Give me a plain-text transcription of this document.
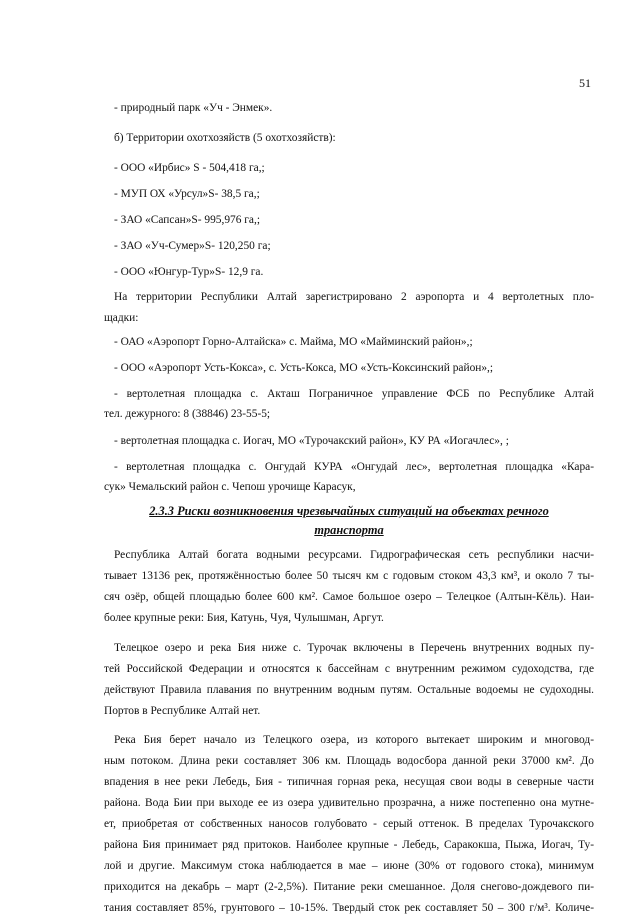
51
- природный парк «Уч - Энмек».
б) Территории охотхозяйств (5 охотхозяйств):
- ООО «Ирбис» S - 504,418 га,;
- МУП ОХ «Урсул»S- 38,5 га,;
- ЗАО «Сапсан»S- 995,976 га,;
- ЗАО «Уч-Сумер»S- 120,250 га;
- ООО «Юнгур-Тур»S- 12,9 га.
На территории Республики Алтай зарегистрировано 2 аэропорта и 4 вертолетных пло-
щадки:
- ОАО «Аэропорт Горно-Алтайска» с. Майма, МО «Майминский район»,;
- ООО «Аэропорт Усть-Кокса», с. Усть-Кокса, МО «Усть-Коксинский район»,;
- вертолетная площадка с. Акташ Пограничное управление ФСБ по Республике Алтай
тел. дежурного: 8 (38846) 23-55-5;
- вертолетная площадка с. Иогач, МО «Турочакский район», КУ РА «Иогачлес», ;
- вертолетная площадка с. Онгудай КУРА «Онгудай лес», вертолетная площадка «Кара-
сук» Чемальский район с. Чепош урочище Карасук,
2.3.3 Риски возникновения чрезвычайных ситуаций на объектах речного
транспорта
Республика Алтай богата водными ресурсами. Гидрографическая сеть республики насчи-
тывает 13136 рек, протяжённостью более 50 тысяч км с годовым стоком 43,3 км³, и около 7 ты-
сяч озёр, общей площадью более 600 км². Самое большое озеро – Телецкое (Алтын-Кёль). Наи-
более крупные реки: Бия, Катунь, Чуя, Чулышман, Аргут.
Телецкое озеро и река Бия ниже с. Турочак включены в Перечень внутренних водных пу-
тей Российской Федерации и относятся к бассейнам с внутренним режимом судоходства, где
действуют Правила плавания по внутренним водным путям. Остальные водоемы не судоходны.
Портов в Республике Алтай нет.
Река Бия берет начало из Телецкого озера, из которого вытекает широким и многовод-
ным потоком. Длина реки составляет 306 км. Площадь водосбора данной реки 37000 км². До
впадения в нее реки Лебедь, Бия - типичная горная река, несущая свои воды в северные части
района. Вода Бии при выходе ее из озера удивительно прозрачна, а ниже постепенно она мутне-
ет, приобретая от собственных наносов голубовато - серый оттенок. В пределах Турочакского
района Бия принимает ряд притоков. Наиболее крупные - Лебедь, Саракокша, Пыжа, Иогач, Ту-
лой и другие. Максимум стока наблюдается в мае – июне (30% от годового стока), минимум
приходится на декабрь – март (2-2,5%). Питание реки смешанное. Доля снегово-дождевого пи-
тания составляет 85%, грунтового – 10-15%. Твердый сток рек составляет 50 – 300 г/м³. Количе-
